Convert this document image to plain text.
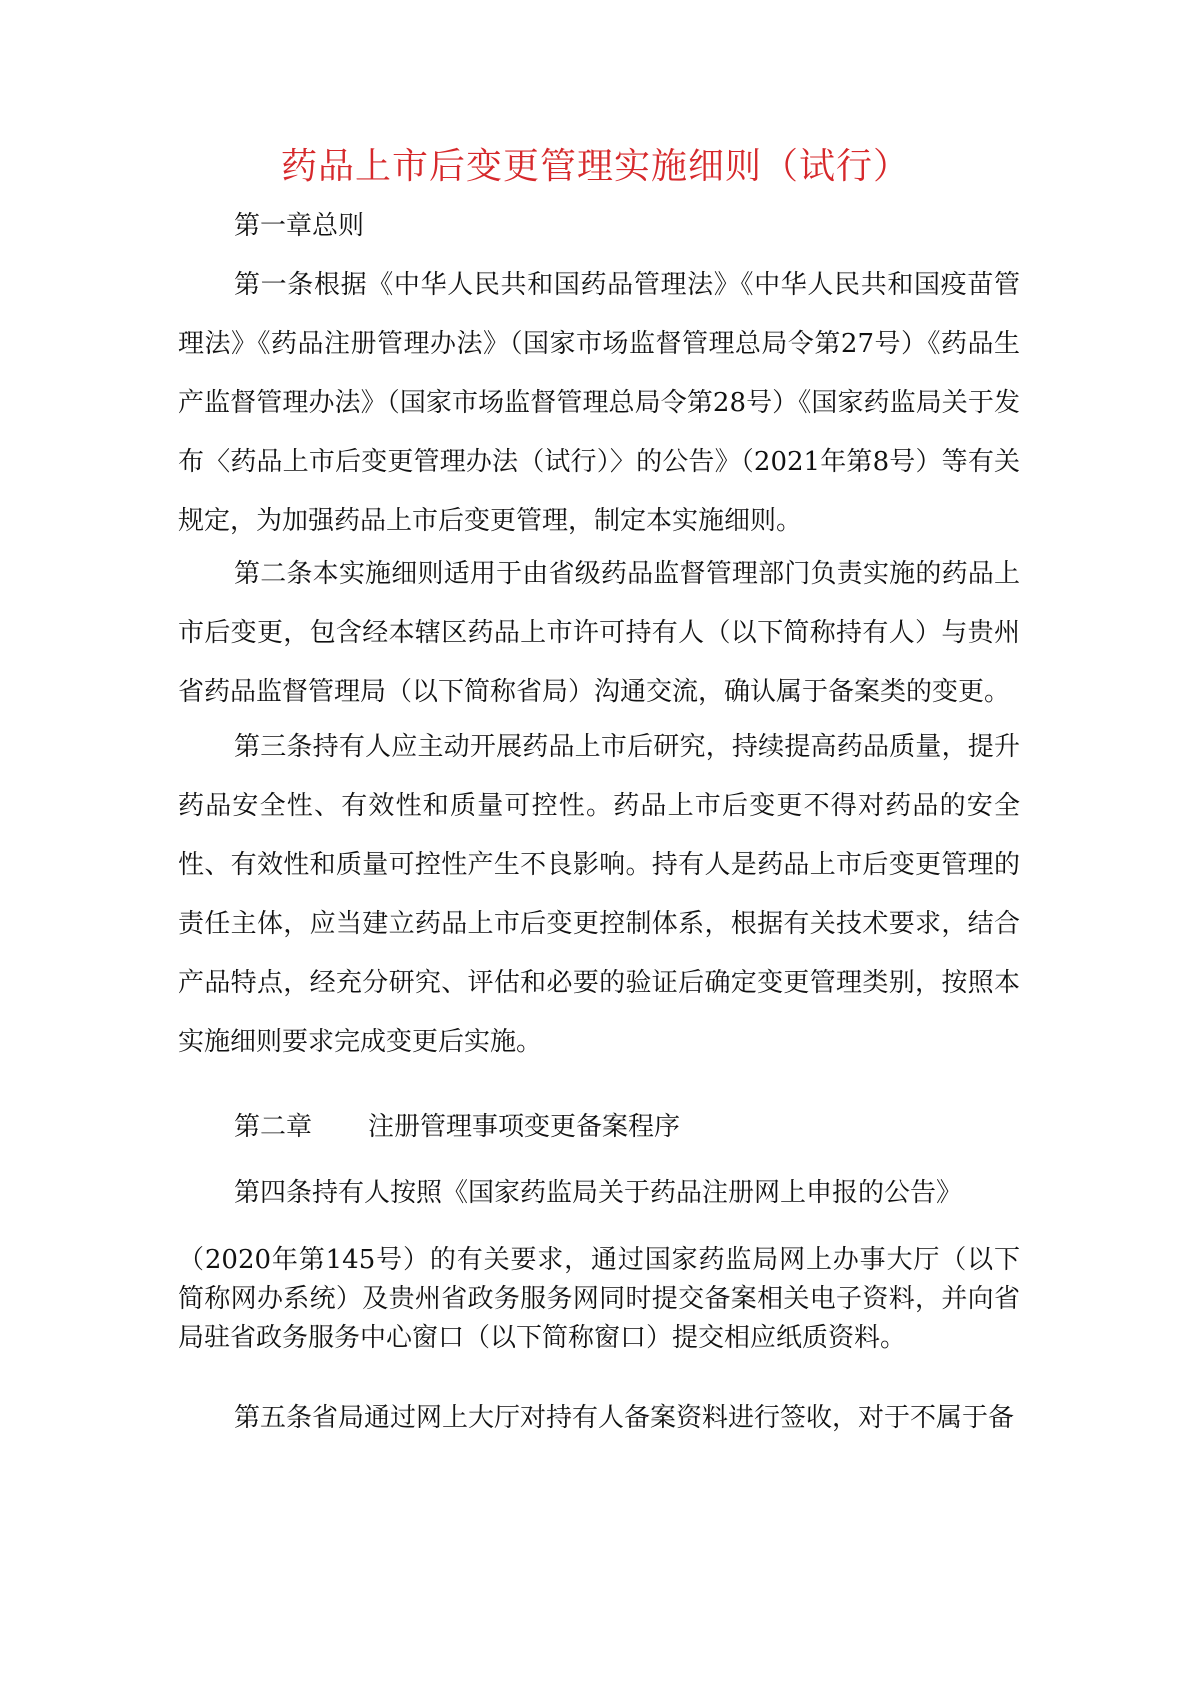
药品上市后变更管理实施细则（试行）

第一章总则

第一条根据《中华人民共和国药品管理法》《中华人民共和国疫苗管理法》《药品注册管理办法》（国家市场监督管理总局令第27号）《药品生产监督管理办法》（国家市场监督管理总局令第28号）《国家药监局关于发布〈药品上市后变更管理办法（试行）〉的公告》（2021年第8号）等有关规定，为加强药品上市后变更管理，制定本实施细则。

第二条本实施细则适用于由省级药品监督管理部门负责实施的药品上市后变更，包含经本辖区药品上市许可持有人（以下简称持有人）与贵州省药品监督管理局（以下简称省局）沟通交流，确认属于备案类的变更。

第三条持有人应主动开展药品上市后研究，持续提高药品质量，提升药品安全性、有效性和质量可控性。药品上市后变更不得对药品的安全性、有效性和质量可控性产生不良影响。持有人是药品上市后变更管理的责任主体，应当建立药品上市后变更控制体系，根据有关技术要求，结合产品特点，经充分研究、评估和必要的验证后确定变更管理类别，按照本实施细则要求完成变更后实施。

第二章 注册管理事项变更备案程序

第四条持有人按照《国家药监局关于药品注册网上申报的公告》

（2020年第145号）的有关要求，通过国家药监局网上办事大厅（以下简称网办系统）及贵州省政务服务网同时提交备案相关电子资料，并向省局驻省政务服务中心窗口（以下简称窗口）提交相应纸质资料。

第五条省局通过网上大厅对持有人备案资料进行签收，对于不属于备
